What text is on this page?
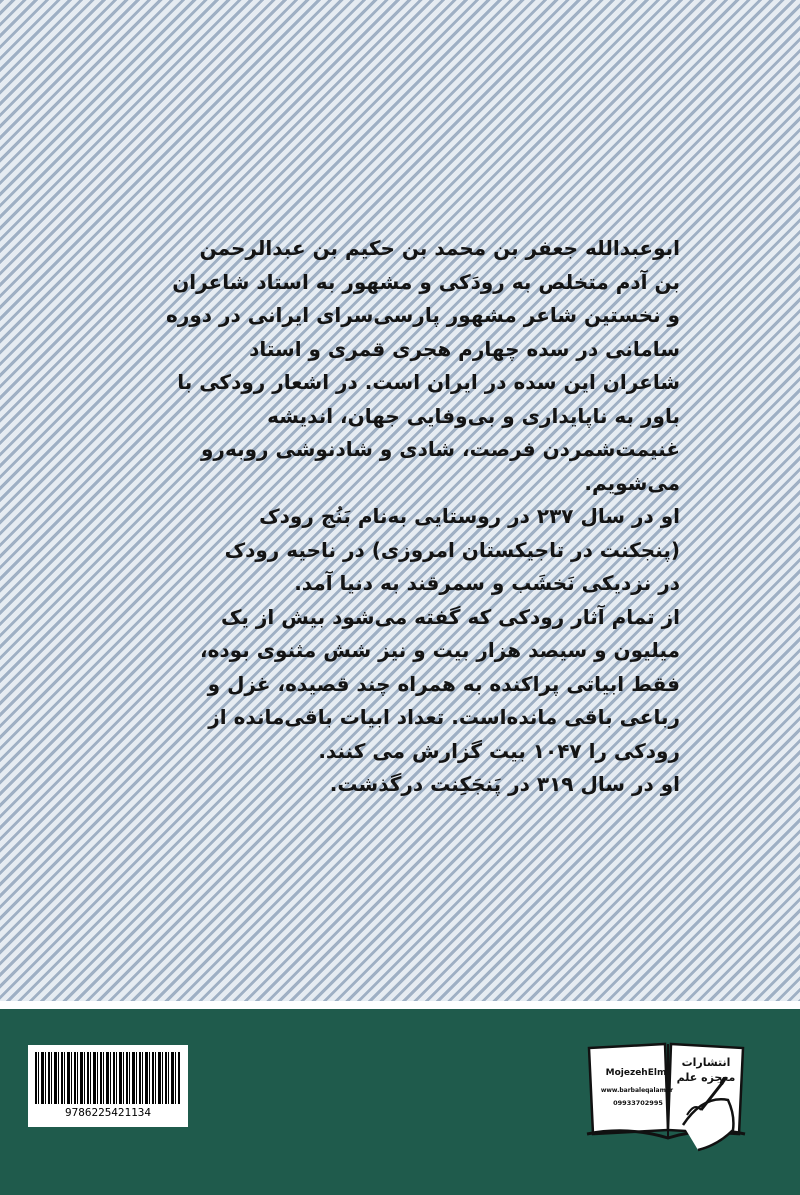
ابوعبدالله جعفر بن محمد بن حکیم بن عبدالرحمن
بن آدم متخلص به رودَکی و مشهور به استاد شاعران
و نخستین شاعر مشهور پارسی‌سرای ایرانی در دوره
سامانی در سده چهارم هجری قمری و استاد
شاعران این سده در ایران است. در اشعار رودکی با
باور به ناپایداری و بی‌وفایی جهان، اندیشه
غنیمت‌شمردن فرصت، شادی و شادنوشی روبه‌رو
می‌شویم.
او در سال ۲۳۷ در روستایی به‌نام بَنُج رودک
(پنجکنت در تاجیکستان امروزی) در ناحیه رودک
در نزدیکی نَخشَب و سمرقند به دنیا آمد.
از تمام آثار رودکی که گفته می‌شود بیش از یک
میلیون و سیصد هزار بیت و نیز شش مثنوی بوده،
فقط ابیاتی پراکنده به همراه چند قصیده، غزل و
رباعی باقی مانده‌است. تعداد ابیات باقی‌مانده از
رودکی را ۱۰۴۷ بیت گزارش می کنند.
او در سال ۳۱۹ در پَنجَکِنت درگذشت.
9786225421134
MojezehElm
انتشارات
معجزه علم
www.barbaleqalam.ir
09933702995
